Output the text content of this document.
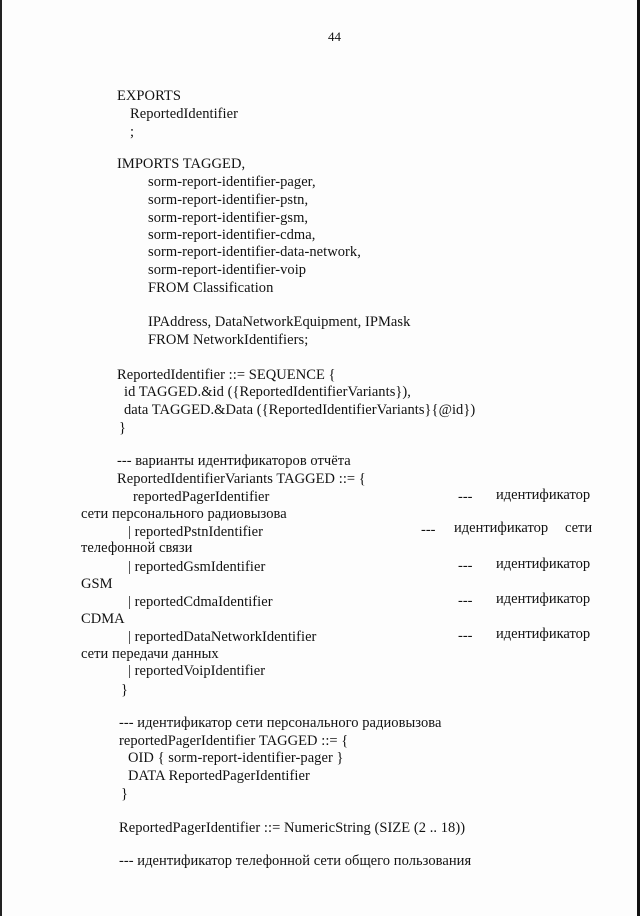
44
EXPORTS
ReportedIdentifier
;
IMPORTS TAGGED,
sorm-report-identifier-pager,
sorm-report-identifier-pstn,
sorm-report-identifier-gsm,
sorm-report-identifier-cdma,
sorm-report-identifier-data-network,
sorm-report-identifier-voip
FROM Classification
IPAddress, DataNetworkEquipment, IPMask
FROM NetworkIdentifiers;
ReportedIdentifier ::= SEQUENCE {
id TAGGED.&id ({ReportedIdentifierVariants}),
data TAGGED.&Data ({ReportedIdentifierVariants}{@id})
}
--- варианты идентификаторов отчёта
ReportedIdentifierVariants TAGGED ::= {
reportedPagerIdentifier	--- идентификатор
сети персонального радиовызова
| reportedPstnIdentifier	--- идентификатор сети
телефонной связи
| reportedGsmIdentifier	--- идентификатор
GSM
| reportedCdmaIdentifier	--- идентификатор
CDMA
| reportedDataNetworkIdentifier	--- идентификатор
сети передачи данных
| reportedVoipIdentifier
}
--- идентификатор сети персонального радиовызова
reportedPagerIdentifier TAGGED ::= {
OID { sorm-report-identifier-pager }
DATA ReportedPagerIdentifier
}
ReportedPagerIdentifier ::= NumericString (SIZE (2 .. 18))
--- идентификатор телефонной сети общего пользования
